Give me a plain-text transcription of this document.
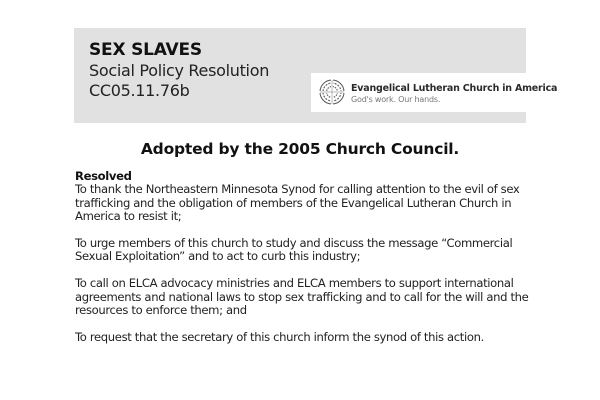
SEX SLAVES
Social Policy Resolution
CC05.11.76b	Evangelical Lutheran Church in America
God's work. Our hands.
Adopted by the 2005 Church Council.
Resolved

To thank the Northeastern Minnesota Synod for calling attention to the evil of sex trafficking and the obligation of members of the Evangelical Lutheran Church in America to resist it;

To urge members of this church to study and discuss the message “Commercial Sexual Exploitation” and to act to curb this industry;

To call on ELCA advocacy ministries and ELCA members to support international agreements and national laws to stop sex trafficking and to call for the will and the resources to enforce them; and

To request that the secretary of this church inform the synod of this action.
